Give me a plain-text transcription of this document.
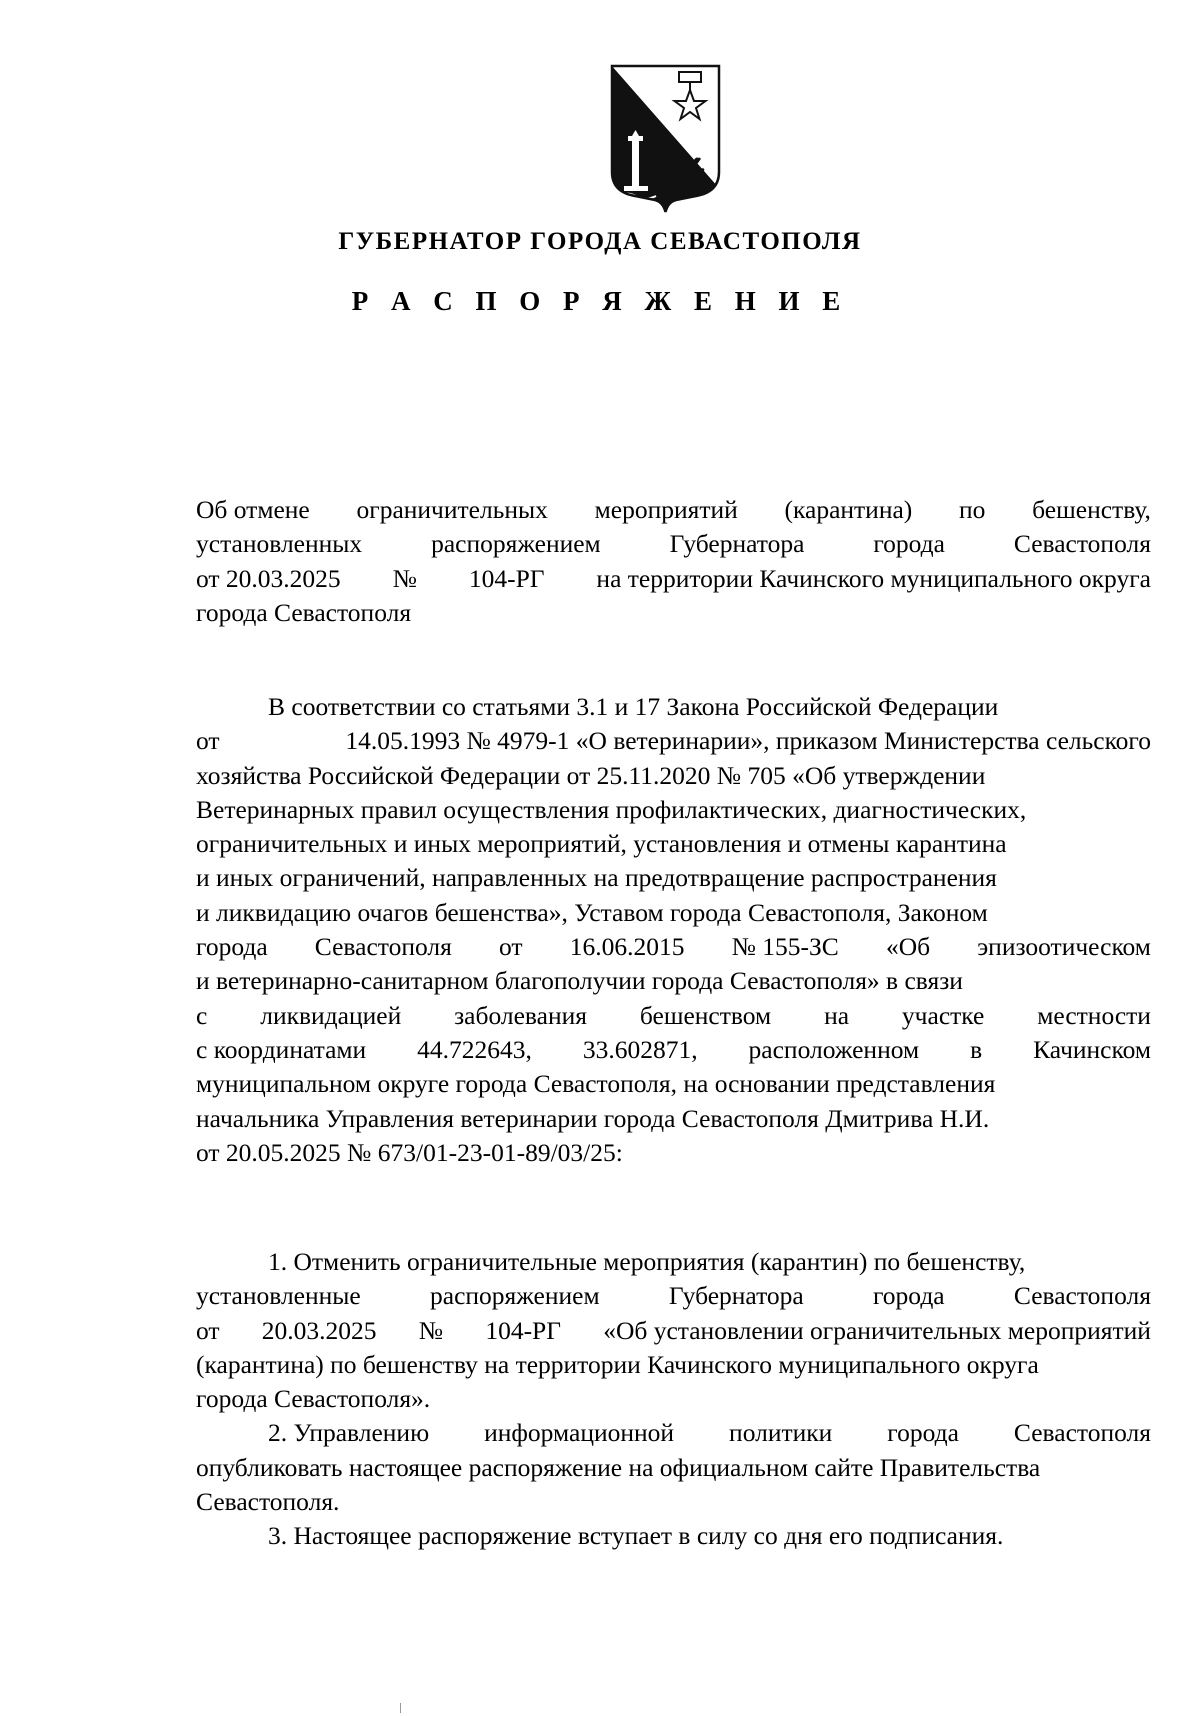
ГУБЕРНАТОР ГОРОДА СЕВАСТОПОЛЯ
Р А С П О Р Я Ж Е Н И Е
Об отмене ограничительных мероприятий (карантина) по бешенству,
установленных	распоряжением	Губернатора	города	Севастополя
от 20.03.2025 № 104-РГ на территории Качинского муниципального округа
города Севастополя
В соответствии со статьями 3.1 и 17 Закона Российской Федерации
от	14.05.1993 № 4979-1 «О ветеринарии», приказом Министерства сельского
хозяйства Российской Федерации от 25.11.2020 № 705 «Об утверждении
Ветеринарных правил осуществления профилактических, диагностических,
ограничительных и иных мероприятий, установления и отмены карантина
и иных ограничений, направленных на предотвращение распространения
и ликвидацию очагов бешенства», Уставом города Севастополя, Законом
города Севастополя от 16.06.2015 № 155-ЗС «Об эпизоотическом
и ветеринарно-санитарном благополучии города Севастополя» в связи
с ликвидацией заболевания бешенством на участке местности
с координатами 44.722643, 33.602871, расположенном в Качинском
муниципальном округе города Севастополя, на основании представления
начальника Управления ветеринарии города Севастополя Дмитрива Н.И.
от 20.05.2025 № 673/01-23-01-89/03/25:
1. Отменить ограничительные мероприятия (карантин) по бешенству,
установленные	распоряжением	Губернатора	города	Севастополя
от 20.03.2025 № 104-РГ «Об установлении ограничительных мероприятий
(карантина) по бешенству на территории Качинского муниципального округа
города Севастополя».
2. Управлению информационной политики города Севастополя
опубликовать настоящее распоряжение на официальном сайте Правительства
Севастополя.
3. Настоящее распоряжение вступает в силу со дня его подписания.
